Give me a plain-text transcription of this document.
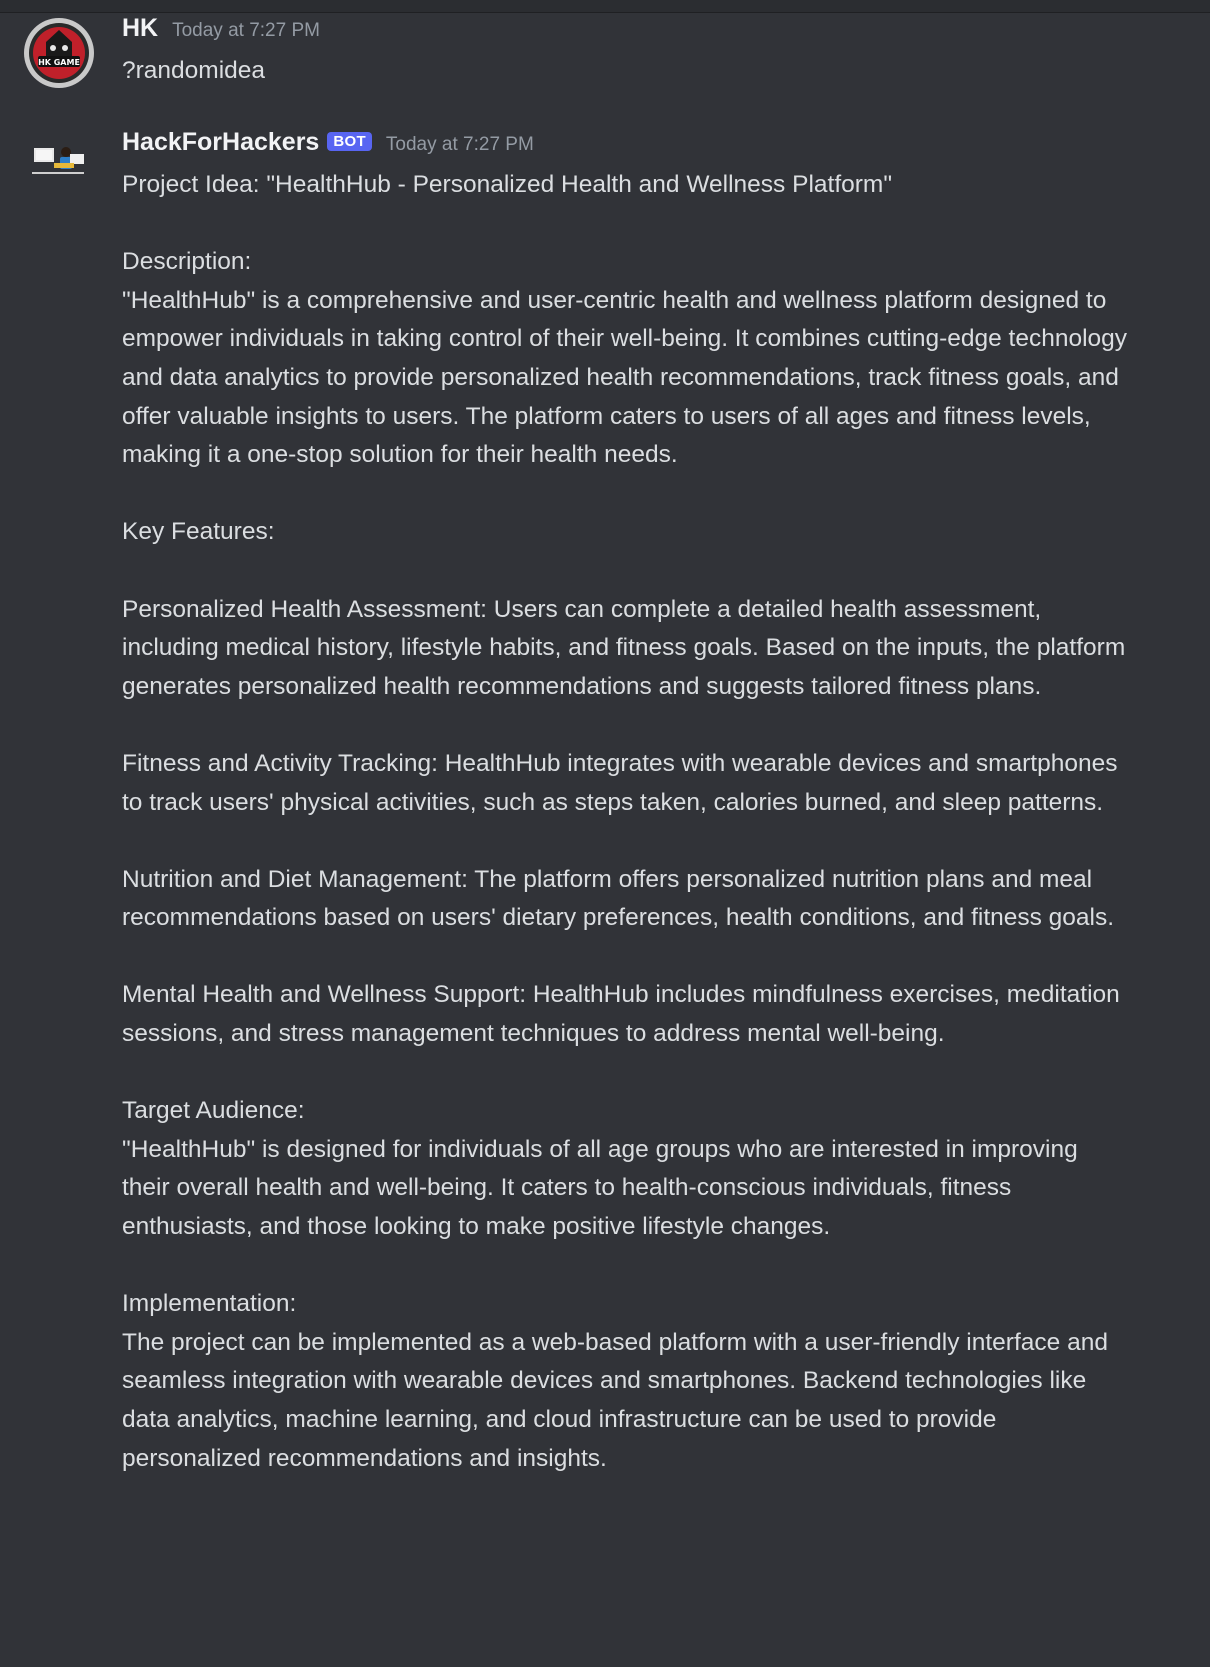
HK GAME
HK Today at 7:27 PM

?randomidea

HackForHackers BOT	Today at 7:27 PM

Project Idea: "HealthHub - Personalized Health and Wellness Platform"

Description:

"HealthHub" is a comprehensive and user-centric health and wellness platform designed to empower individuals in taking control of their well-being. It combines cutting-edge technology and data analytics to provide personalized health recommendations, track fitness goals, and offer valuable insights to users. The platform caters to users of all ages and fitness levels, making it a one-stop solution for their health needs.

Key Features:

Personalized Health Assessment: Users can complete a detailed health assessment, including medical history, lifestyle habits, and fitness goals. Based on the inputs, the platform generates personalized health recommendations and suggests tailored fitness plans.

Fitness and Activity Tracking: HealthHub integrates with wearable devices and smartphones to track users' physical activities, such as steps taken, calories burned, and sleep patterns.

Nutrition and Diet Management: The platform offers personalized nutrition plans and meal recommendations based on users' dietary preferences, health conditions, and fitness goals.

Mental Health and Wellness Support: HealthHub includes mindfulness exercises, meditation sessions, and stress management techniques to address mental well-being.

Target Audience:

"HealthHub" is designed for individuals of all age groups who are interested in improving their overall health and well-being. It caters to health-conscious individuals, fitness enthusiasts, and those looking to make positive lifestyle changes.

Implementation:

The project can be implemented as a web-based platform with a user-friendly interface and seamless integration with wearable devices and smartphones. Backend technologies like data analytics, machine learning, and cloud infrastructure can be used to provide personalized recommendations and insights.
